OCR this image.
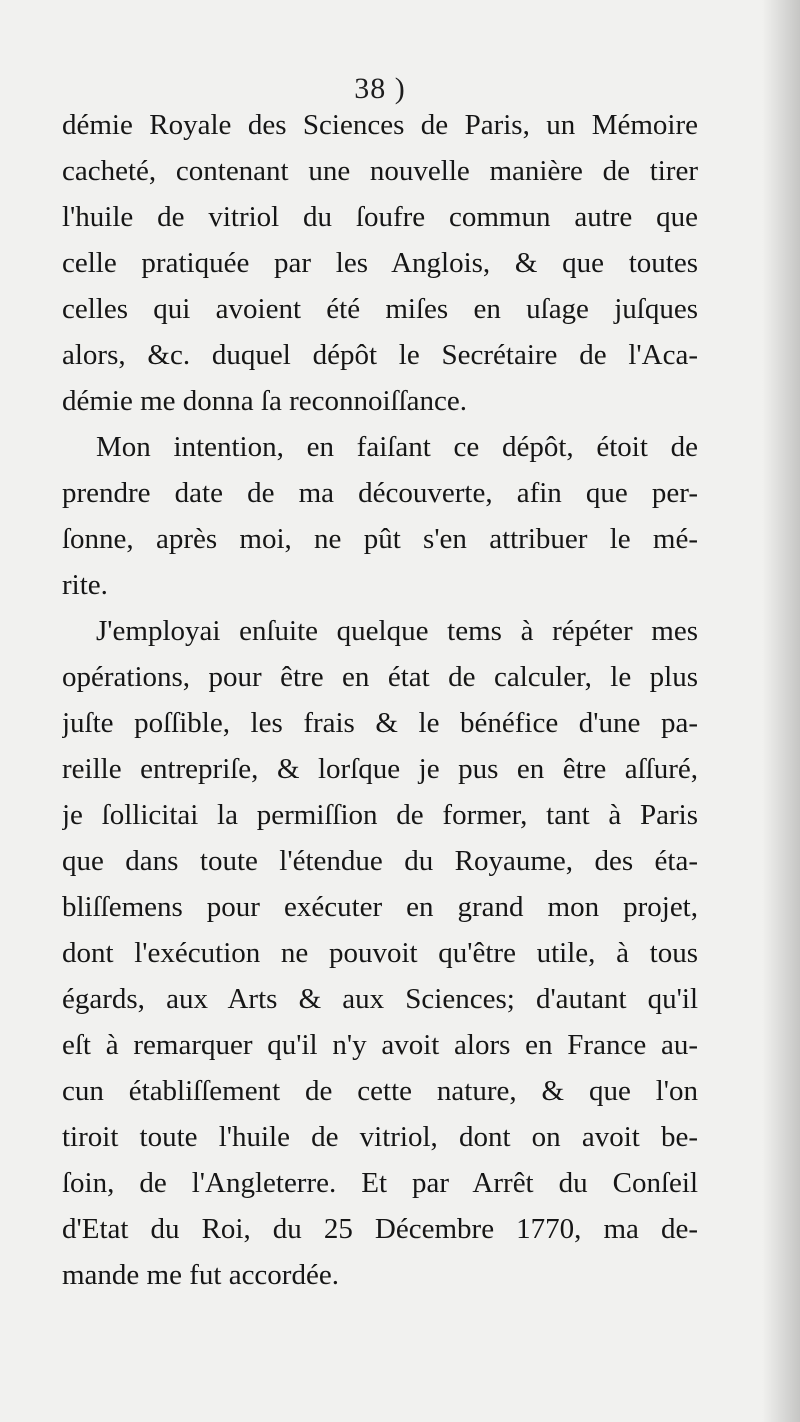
38 )
démie Royale des Sciences de Paris, un Mémoire
cacheté, contenant une nouvelle manière de tirer
l'huile de vitriol du ſoufre commun autre que
celle pratiquée par les Anglois, & que toutes
celles qui avoient été miſes en uſage juſques
alors, &c. duquel dépôt le Secrétaire de l'Aca-
démie me donna ſa reconnoiſſance.
Mon intention, en faiſant ce dépôt, étoit de
prendre date de ma découverte, afin que per-
ſonne, après moi, ne pût s'en attribuer le mé-
rite.
J'employai enſuite quelque tems à répéter mes
opérations, pour être en état de calculer, le plus
juſte poſſible, les frais & le bénéfice d'une pa-
reille entrepriſe, & lorſque je pus en être aſſuré,
je ſollicitai la permiſſion de former, tant à Paris
que dans toute l'étendue du Royaume, des éta-
bliſſemens pour exécuter en grand mon projet,
dont l'exécution ne pouvoit qu'être utile, à tous
égards, aux Arts & aux Sciences; d'autant qu'il
eſt à remarquer qu'il n'y avoit alors en France au-
cun établiſſement de cette nature, & que l'on
tiroit toute l'huile de vitriol, dont on avoit be-
ſoin, de l'Angleterre. Et par Arrêt du Conſeil
d'Etat du Roi, du 25 Décembre 1770, ma de-
mande me fut accordée.
